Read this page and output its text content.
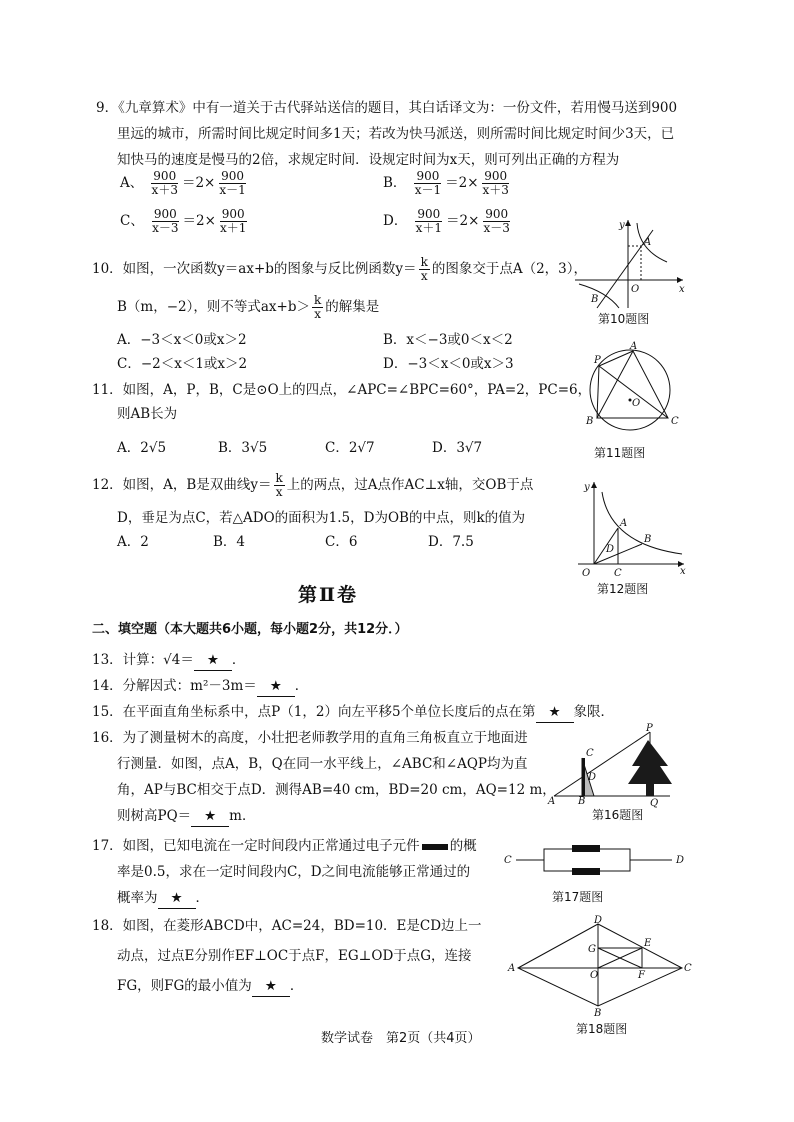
9．《九章算术》中有一道关于古代驿站送信的题目，其白话译文为：一份文件，若用慢马送到900
里远的城市，所需时间比规定时间多1天；若改为快马派送，则所需时间比规定时间少3天，已
知快马的速度是慢马的2倍，求规定时间．设规定时间为x天，则可列出正确的方程为
A、 $\frac{900}{x+3} =2\times \frac{900}{x-1}$	B． $\frac{900}{x-1} =2\times \frac{900}{x+3}$
C、 $\frac{900}{x-3} =2\times \frac{900}{x+1}$	D． $\frac{900}{x+1} =2\times \frac{900}{x-3}$
10．如图，一次函数y＝ax+b的图象与反比例函数$y= \frac{k}{x}$ 的图象交于点A（2，3），
B（m，−2），则不等式$ax+b> \frac{k}{x}$ 的解集是
A．−3＜x＜0或x＞2	B．x＜−3或0＜x＜2
C．−2＜x＜1或x＞2	D．−3＜x＜0或x＞3
A
B
O	x
y
第10题图
11．如图，A，P，B，C是⊙O上的四点，∠APC=∠BPC=60°，PA=2，PC=6，
则AB长为
A．2√5	B．3√5	C．2√7	D．3√7
P
A
B	C
O
第11题图
12．如图，A，B是双曲线$y= \frac{k}{x}$ 上的两点，过A点作AC⊥x轴，交OB于点
D，垂足为点C，若△ADO的面积为1.5，D为OB的中点，则k的值为
A．2	B．4	C．6	D．7.5
A
B
D
C
O	x
y
第12题图
第Ⅱ卷
二、填空题（本大题共6小题，每小题2分，共12分．）
13．计算：√4＝ ★ ．
14．分解因式：m²－3m＝ ★ ．
15．在平面直角坐标系中，点P（1，2）向左平移5个单位长度后的点在第 ★ 象限．
16．为了测量树木的高度，小壮把老师教学用的直角三角板直立于地面进
行测量．如图，点A，B，Q在同一水平线上，∠ABC和∠AQP均为直
角，AP与BC相交于点D．测得AB=40 cm，BD=20 cm，AQ=12 m，
则树高PQ＝ ★ m．
P
C
D
A B	Q
第16题图
17．如图，已知电流在一定时间段内正常通过电子元件 的概
率是0.5，求在一定时间段内C，D之间电流能够正常通过的
概率为 ★ ．
C	D
第17题图
18．如图，在菱形ABCD中，AC=24，BD=10．E是CD边上一
动点，过点E分别作EF⊥OC于点F，EG⊥OD于点G，连接
FG，则FG的最小值为 ★ ．
D
G
E
O	F
C
A
B
第18题图
数学试卷　第2页（共4页）
